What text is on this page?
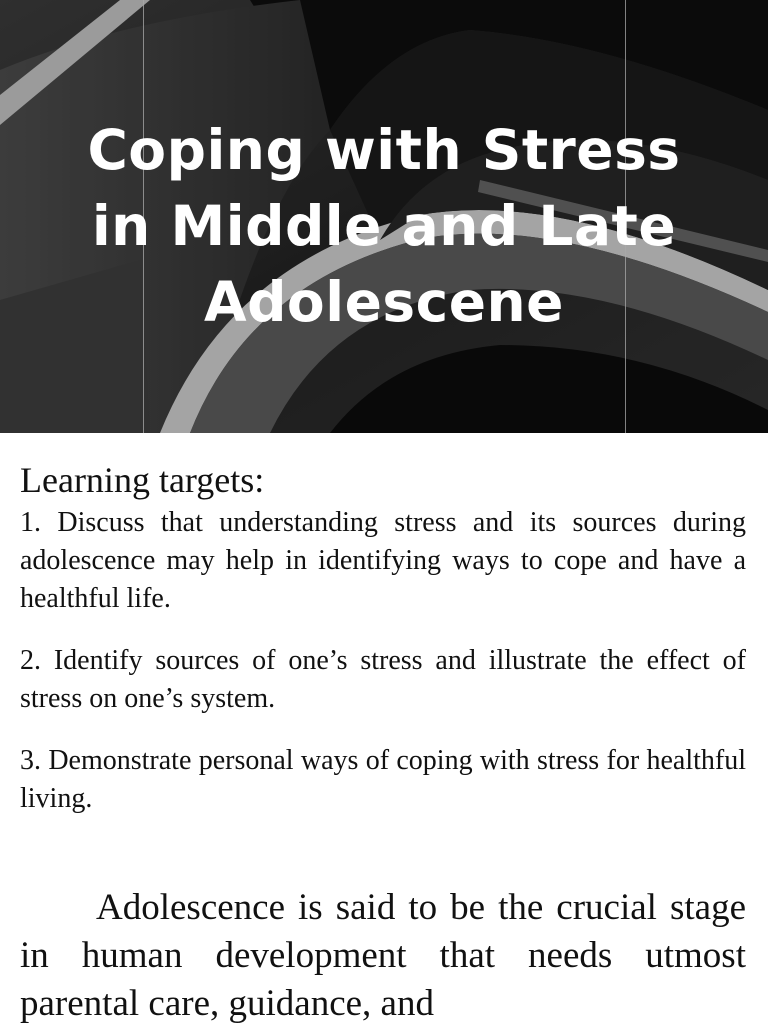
Coping with Stress
in Middle and Late
Adolescene
Learning targets:

1. Discuss that understanding stress and its sources during adolescence may help in identifying ways to cope and have a healthful life.

2. Identify sources of one’s stress and illustrate the effect of stress on one’s system.

3. Demonstrate personal ways of coping with stress for healthful living.

Adolescence is said to be the crucial stage in human development that needs utmost parental care, guidance, and
